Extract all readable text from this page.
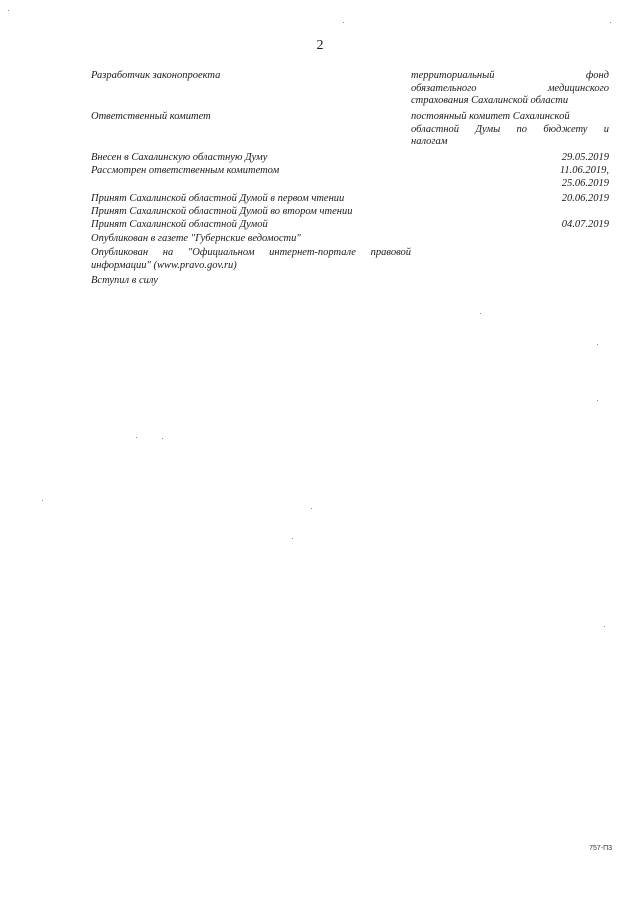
2
Разработчик законопроекта	территориальный фонд
обязательного медицинского
страхования Сахалинской области
Ответственный комитет	постоянный комитет Сахалинской
областной Думы по бюджету и
налогам
Внесен в Сахалинскую областную Думу	29.05.2019
Рассмотрен ответственным комитетом	11.06.2019,
25.06.2019
Принят Сахалинской областной Думой в первом чтении	20.06.2019
Принят Сахалинской областной Думой во втором чтении
Принят Сахалинской областной Думой	04.07.2019
Опубликован в газете "Губернские ведомости"
Опубликован на "Официальном интернет-портале правовой
информации" (www.pravo.gov.ru)
Вступил в силу
757-П3
